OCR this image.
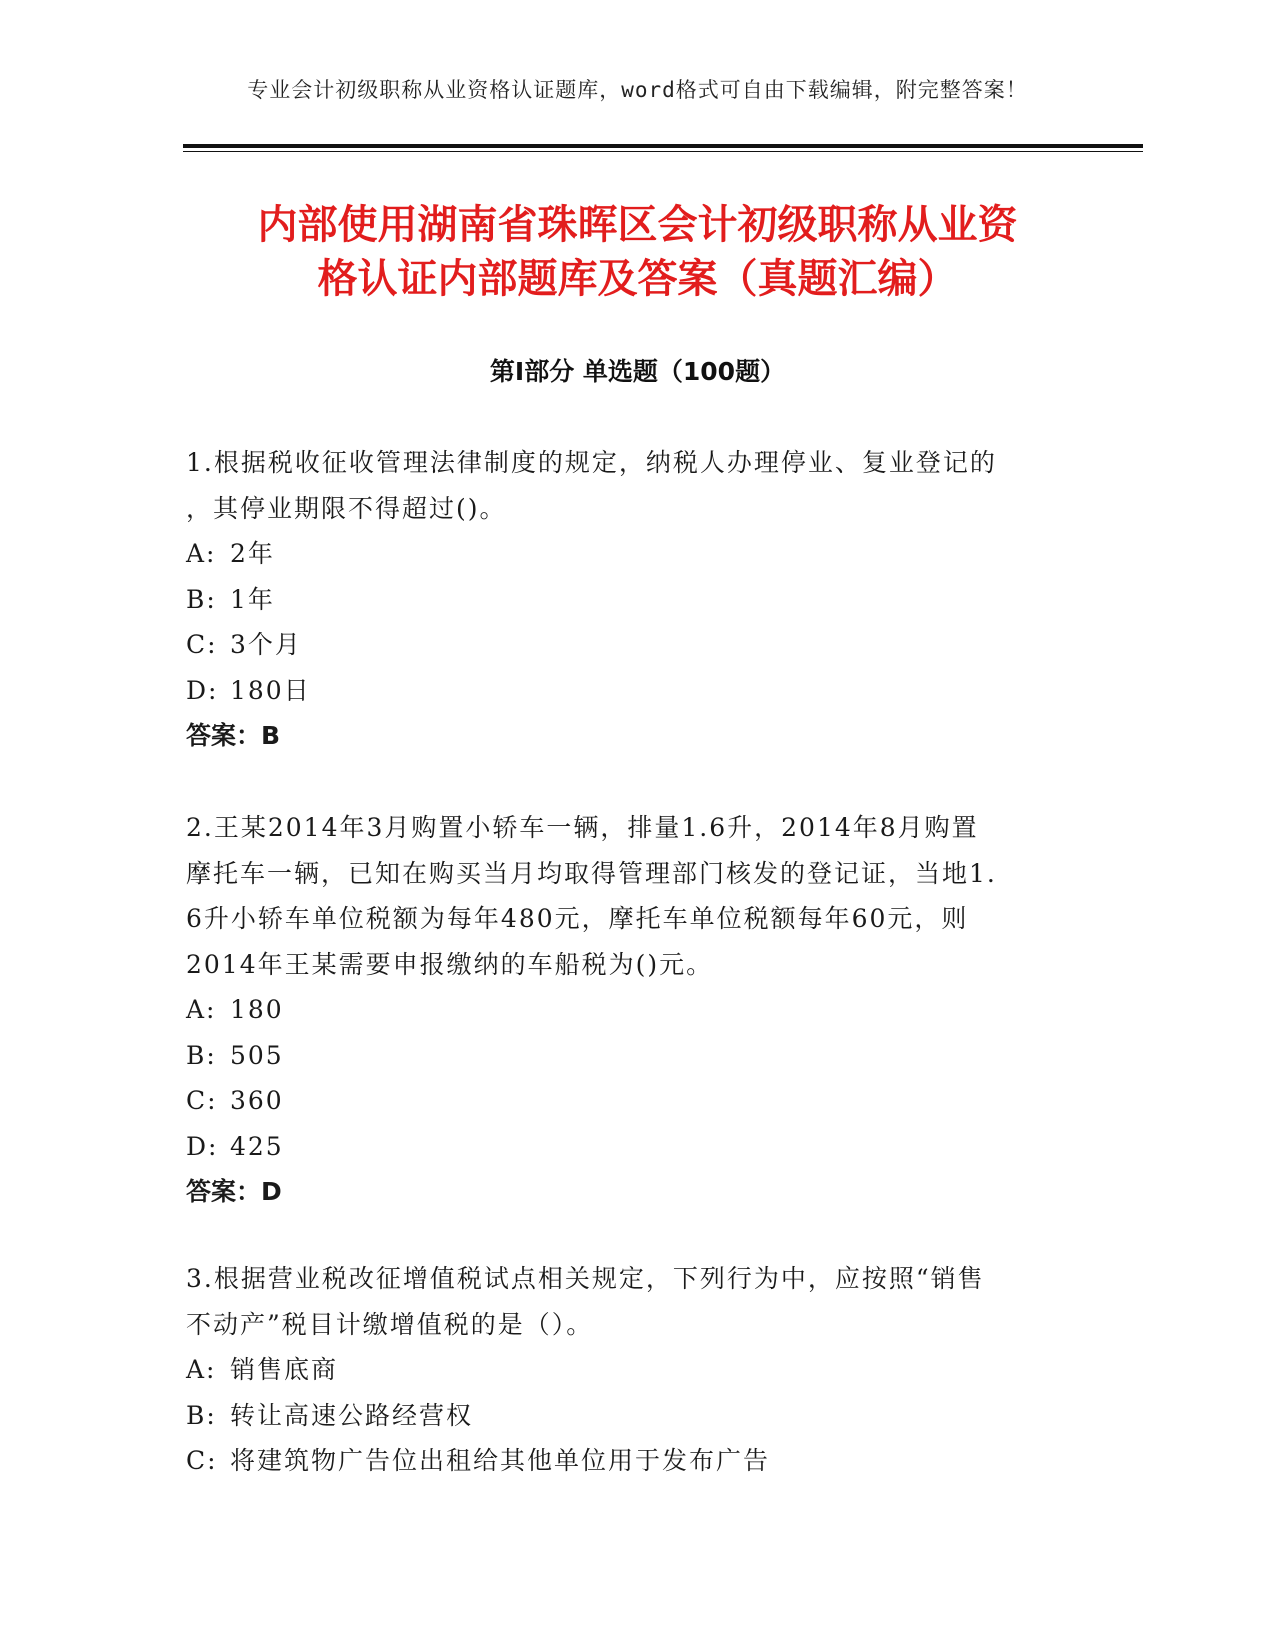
专业会计初级职称从业资格认证题库，word格式可自由下载编辑，附完整答案！
内部使用湖南省珠晖区会计初级职称从业资
格认证内部题库及答案（真题汇编）
第Ⅰ部分 单选题（100题）

1.根据税收征收管理法律制度的规定，纳税人办理停业、复业登记的
，其停业期限不得超过()。

A: 2年

B: 1年

C: 3个月

D: 180日

答案：B

2.王某2014年3月购置小轿车一辆，排量1.6升，2014年8月购置
摩托车一辆，已知在购买当月均取得管理部门核发的登记证，当地1.
6升小轿车单位税额为每年480元，摩托车单位税额每年60元，则
2014年王某需要申报缴纳的车船税为()元。

A: 180

B: 505

C: 360

D: 425

答案：D

3.根据营业税改征增值税试点相关规定，下列行为中，应按照“销售
不动产”税目计缴增值税的是（）。

A: 销售底商

B: 转让高速公路经营权

C: 将建筑物广告位出租给其他单位用于发布广告
